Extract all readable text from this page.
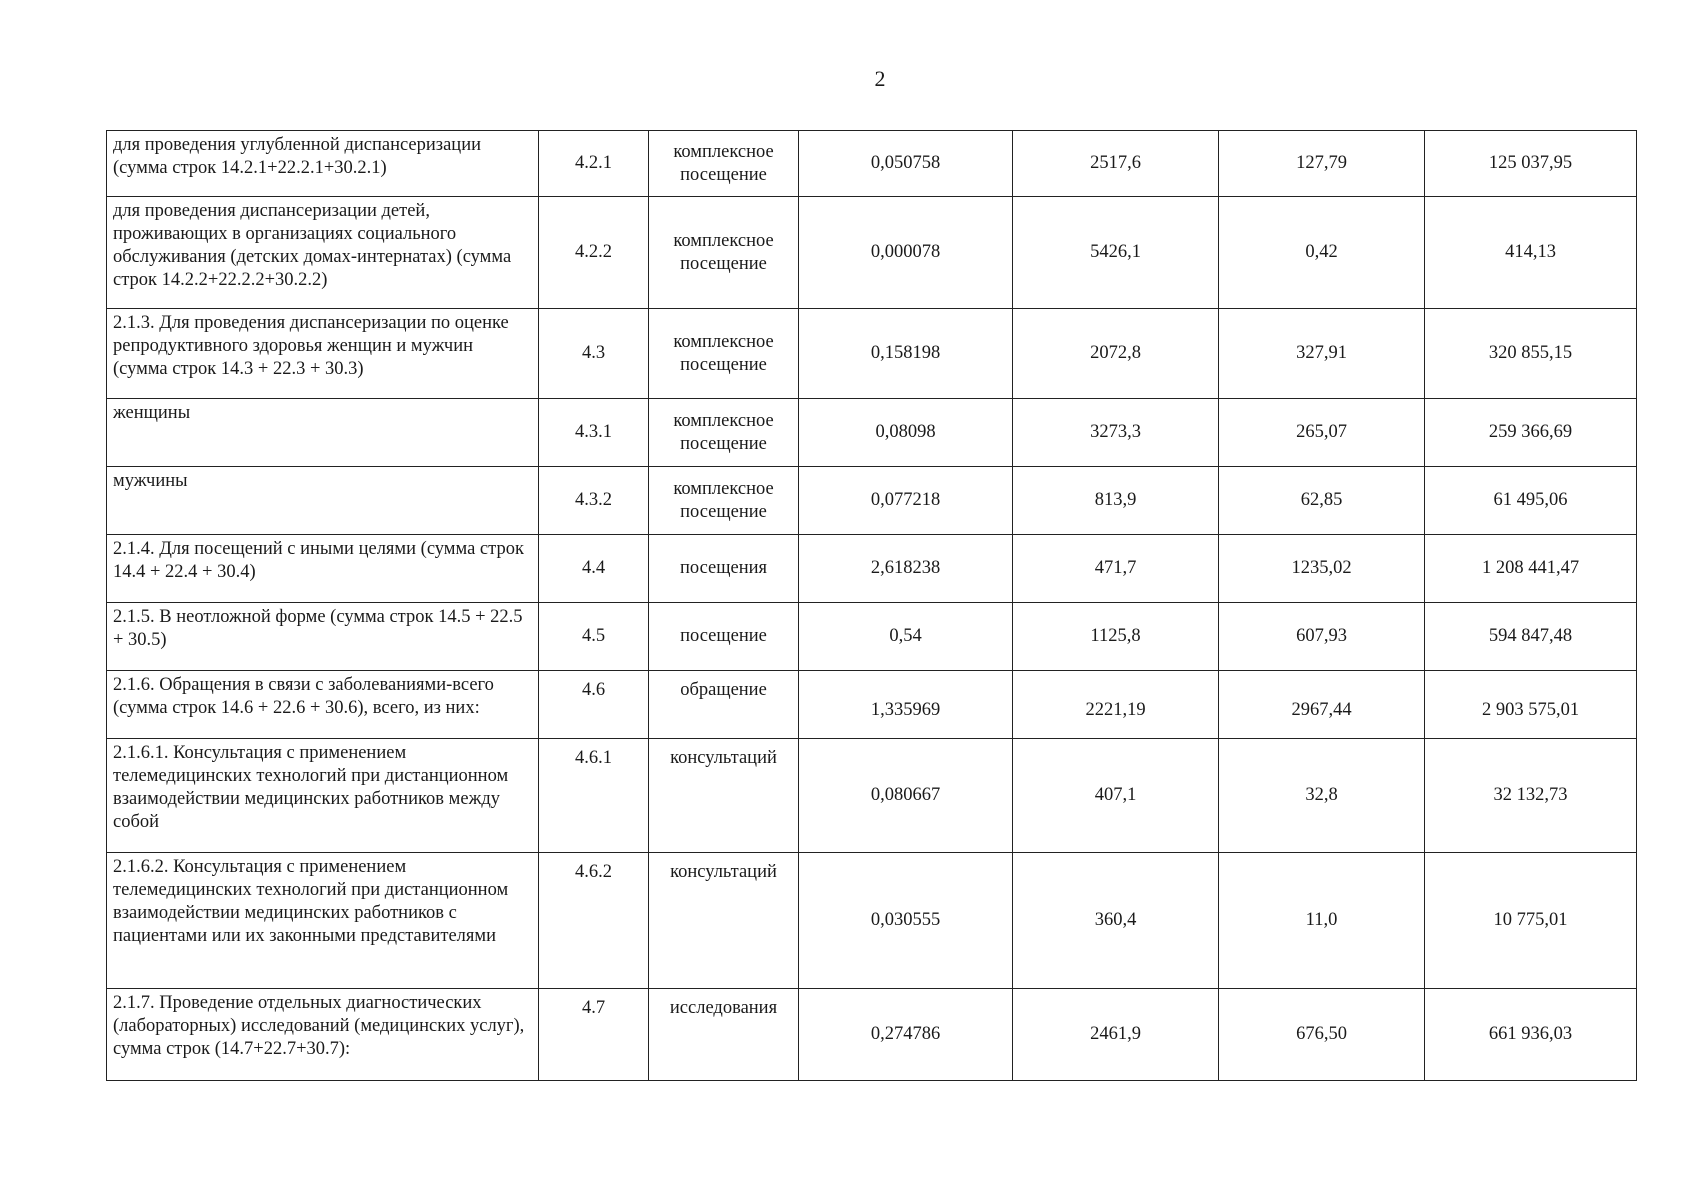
2
для проведения углубленной диспансеризации (сумма строк 14.2.1+22.2.1+30.2.1)	4.2.1	комплексное посещение	0,050758	2517,6	127,79	125 037,95
для проведения диспансеризации детей, проживающих в организациях социального обслуживания (детских домах-интернатах) (сумма строк 14.2.2+22.2.2+30.2.2)	4.2.2	комплексное посещение	0,000078	5426,1	0,42	414,13
2.1.3. Для проведения диспансеризации по оценке репродуктивного здоровья женщин и мужчин (сумма строк 14.3 + 22.3 + 30.3)	4.3	комплексное посещение	0,158198	2072,8	327,91	320 855,15
женщины	4.3.1	комплексное посещение	0,08098	3273,3	265,07	259 366,69
мужчины	4.3.2	комплексное посещение	0,077218	813,9	62,85	61 495,06
2.1.4. Для посещений с иными целями (сумма строк 14.4 + 22.4 + 30.4)	4.4	посещения	2,618238	471,7	1235,02	1 208 441,47
2.1.5. В неотложной форме (сумма строк 14.5 + 22.5 + 30.5)	4.5	посещение	0,54	1125,8	607,93	594 847,48
2.1.6. Обращения в связи с заболеваниями-всего (сумма строк 14.6 + 22.6 + 30.6), всего, из них:	4.6	обращение	1,335969	2221,19	2967,44	2 903 575,01
2.1.6.1. Консультация с применением телемедицинских технологий при дистанционном взаимодействии медицинских работников между собой	4.6.1	консультаций	0,080667	407,1	32,8	32 132,73
2.1.6.2. Консультация с применением телемедицинских технологий при дистанционном взаимодействии медицинских работников с пациентами или их законными представителями	4.6.2	консультаций	0,030555	360,4	11,0	10 775,01
2.1.7. Проведение отдельных диагностических (лабораторных) исследований (медицинских услуг), сумма строк (14.7+22.7+30.7):	4.7	исследования	0,274786	2461,9	676,50	661 936,03
